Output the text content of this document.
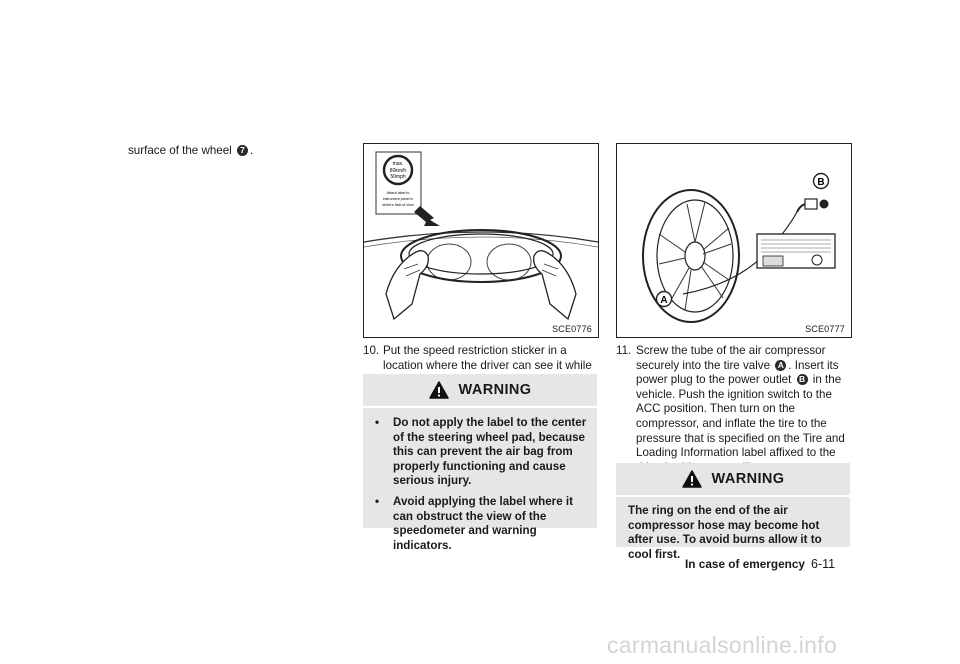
surface of the wheel 7 .
max.
80km/h
50mph
Attach label to
instrument panel in
driver's field of view
SCE0776
B
A
SCE0777
10. Put the speed restriction sticker in a location where the driver can see it while
WARNING
•	Do not apply the label to the center of the steering wheel pad, because this can prevent the air bag from properly functioning and cause serious injury.
•	Avoid applying the label where it can obstruct the view of the speedometer and warning indicators.
11. Screw the tube of the air compressor securely into the tire valve A . Insert its power plug to the power outlet B in the vehicle. Push the ignition switch to the ACC position. Then turn on the compressor, and inflate the tire to the pressure that is specified on the Tire and Loading Information label affixed to the
WARNING
The ring on the end of the air compressor hose may become hot after use. To avoid burns allow it to cool first.
In case of emergency 6-11
carmanualsonline.info
